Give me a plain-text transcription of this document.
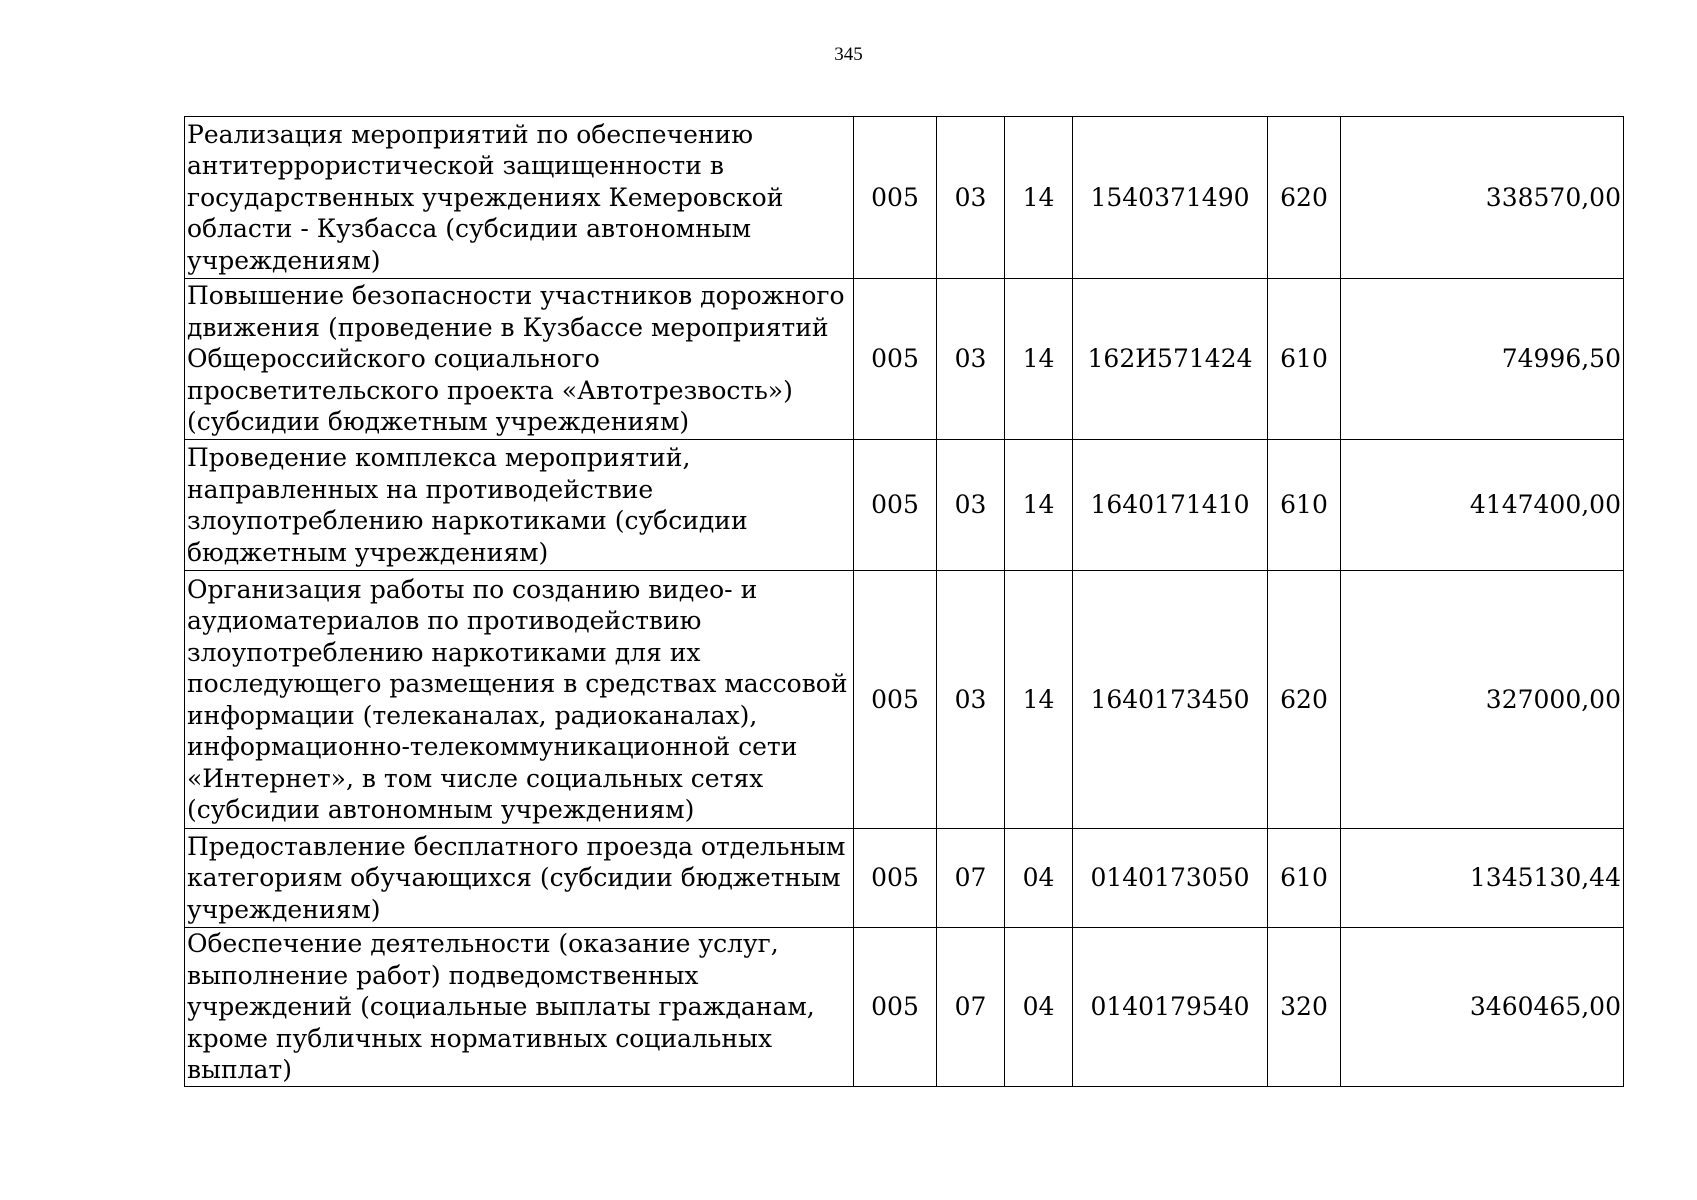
345
Реализация мероприятий по обеспечению антитеррористической защищенности в государственных учреждениях Кемеровской области - Кузбасса (субсидии автономным учреждениям)	005	03	14	1540371490	620	338570,00
Повышение безопасности участников дорожного движения (проведение в Кузбассе мероприятий Общероссийского социального просветительского проекта «Автотрезвость») (субсидии бюджетным учреждениям)	005	03	14	162И571424	610	74996,50
Проведение комплекса мероприятий, направленных на противодействие злоупотреблению наркотиками (субсидии бюджетным учреждениям)	005	03	14	1640171410	610	4147400,00
Организация работы по созданию видео- и аудиоматериалов по противодействию злоупотреблению наркотиками для их последующего размещения в средствах массовой информации (телеканалах, радиоканалах), информационно-телекоммуникационной сети «Интернет», в том числе социальных сетях (субсидии автономным учреждениям)	005	03	14	1640173450	620	327000,00
Предоставление бесплатного проезда отдельным категориям обучающихся (субсидии бюджетным учреждениям)	005	07	04	0140173050	610	1345130,44
Обеспечение деятельности (оказание услуг, выполнение работ) подведомственных учреждений (социальные выплаты гражданам, кроме публичных нормативных социальных выплат)	005	07	04	0140179540	320	3460465,00
